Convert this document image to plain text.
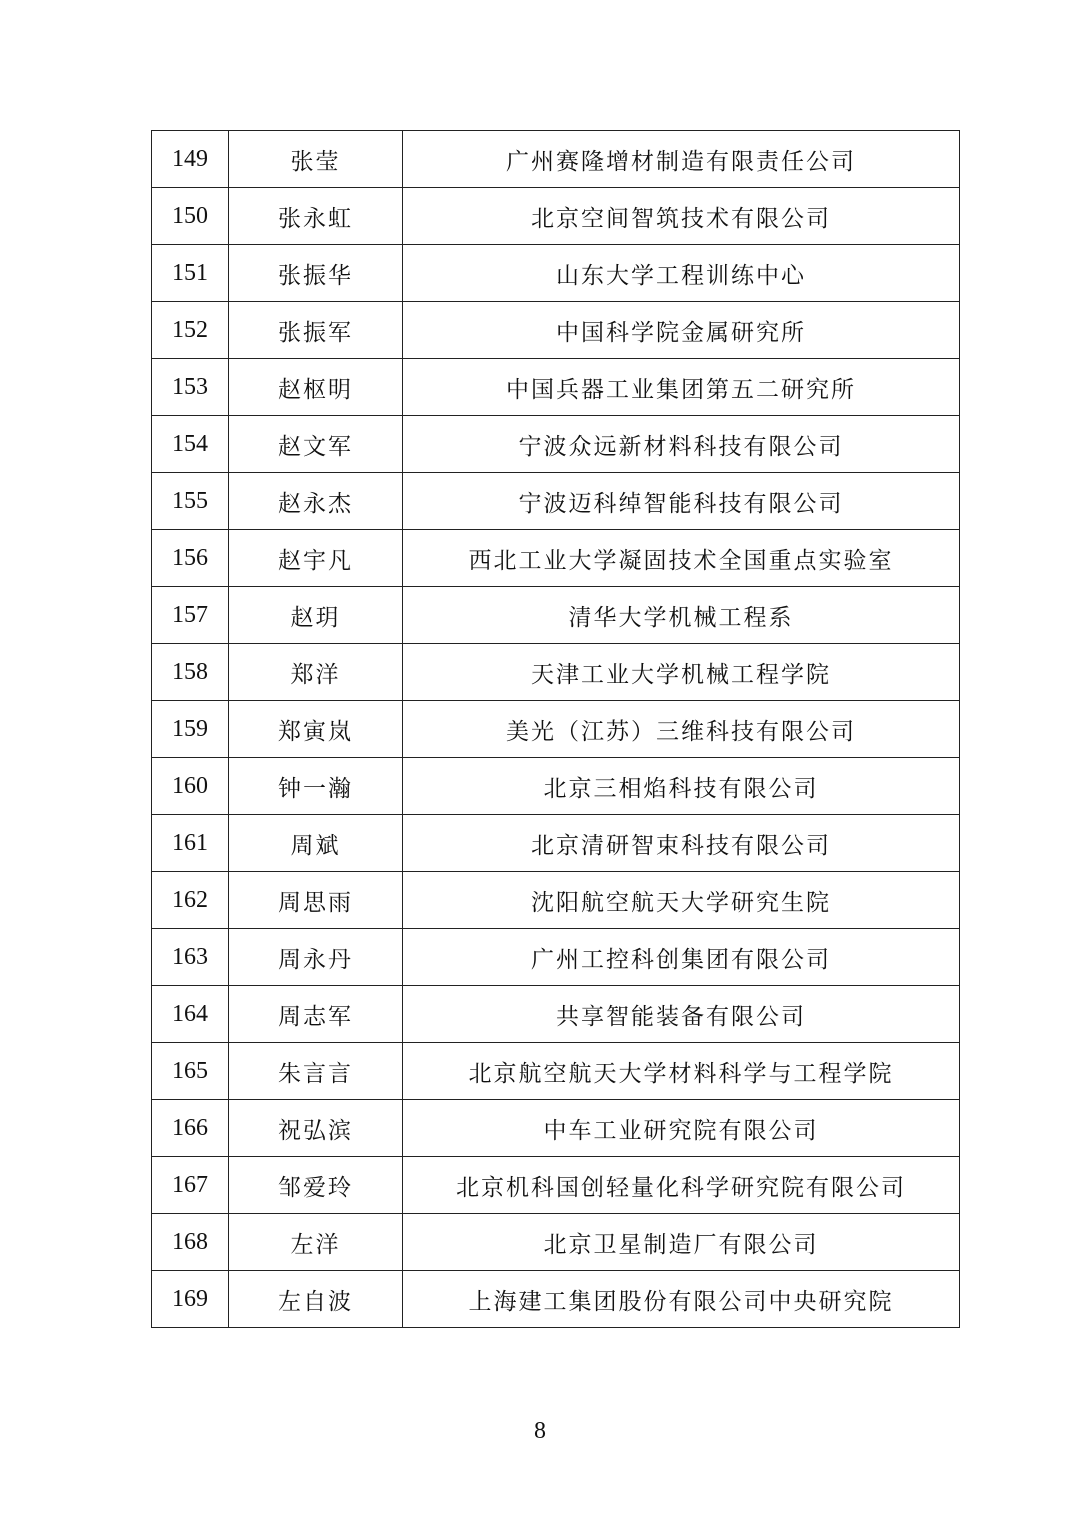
149	张莹	广州赛隆增材制造有限责任公司
150	张永虹	北京空间智筑技术有限公司
151	张振华	山东大学工程训练中心
152	张振军	中国科学院金属研究所
153	赵枢明	中国兵器工业集团第五二研究所
154	赵文军	宁波众远新材料科技有限公司
155	赵永杰	宁波迈科绰智能科技有限公司
156	赵宇凡	西北工业大学凝固技术全国重点实验室
157	赵玥	清华大学机械工程系
158	郑洋	天津工业大学机械工程学院
159	郑寅岚	美光（江苏）三维科技有限公司
160	钟一瀚	北京三相焰科技有限公司
161	周斌	北京清研智束科技有限公司
162	周思雨	沈阳航空航天大学研究生院
163	周永丹	广州工控科创集团有限公司
164	周志军	共享智能装备有限公司
165	朱言言	北京航空航天大学材料科学与工程学院
166	祝弘滨	中车工业研究院有限公司
167	邹爱玲	北京机科国创轻量化科学研究院有限公司
168	左洋	北京卫星制造厂有限公司
169	左自波	上海建工集团股份有限公司中央研究院
8
